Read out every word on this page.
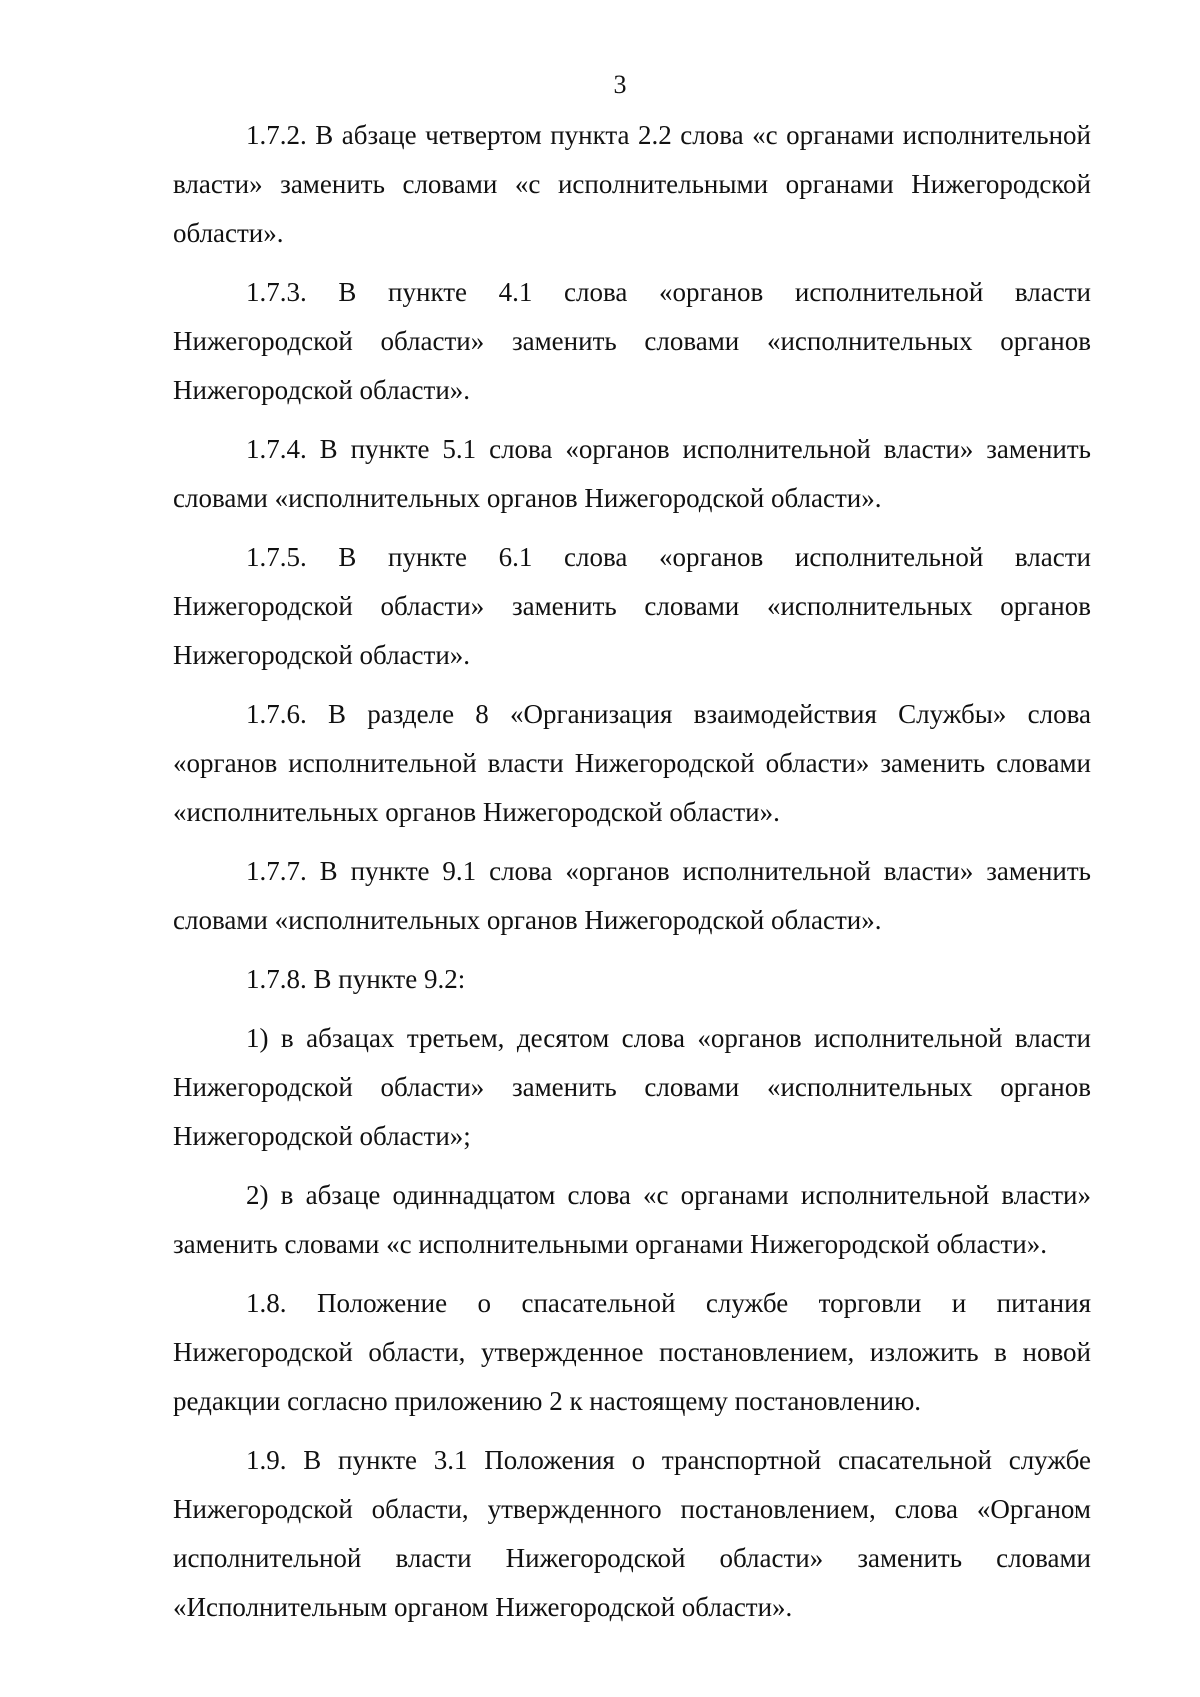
3

1.7.2. В абзаце четвертом пункта 2.2 слова «с органами исполнительной власти» заменить словами «с исполнительными органами Нижегородской области».

1.7.3. В пункте 4.1 слова «органов исполнительной власти Нижегородской области» заменить словами «исполнительных органов Нижегородской области».

1.7.4. В пункте 5.1 слова «органов исполнительной власти» заменить словами «исполнительных органов Нижегородской области».

1.7.5. В пункте 6.1 слова «органов исполнительной власти Нижегородской области» заменить словами «исполнительных органов Нижегородской области».

1.7.6. В разделе 8 «Организация взаимодействия Службы» слова «органов исполнительной власти Нижегородской области» заменить словами «исполнительных органов Нижегородской области».

1.7.7. В пункте 9.1 слова «органов исполнительной власти» заменить словами «исполнительных органов Нижегородской области».

1.7.8. В пункте 9.2:

1) в абзацах третьем, десятом слова «органов исполнительной власти Нижегородской области» заменить словами «исполнительных органов Нижегородской области»;

2) в абзаце одиннадцатом слова «с органами исполнительной власти» заменить словами «с исполнительными органами Нижегородской области».

1.8. Положение о спасательной службе торговли и питания Нижегородской области, утвержденное постановлением, изложить в новой редакции согласно приложению 2 к настоящему постановлению.

1.9. В пункте 3.1 Положения о транспортной спасательной службе Нижегородской области, утвержденного постановлением, слова «Органом исполнительной власти Нижегородской области» заменить словами «Исполнительным органом Нижегородской области».
